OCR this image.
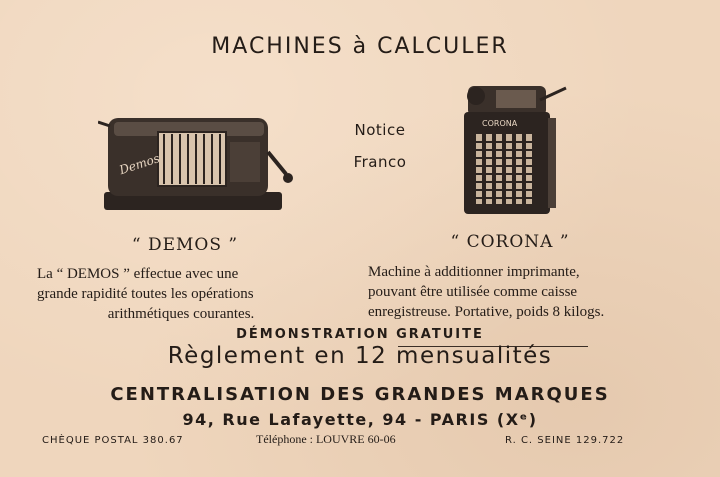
MACHINES à CALCULER
Demos
Notice
Franco
CORONA
“ DEMOS ”	“ CORONA ”
La “ DEMOS ” effectue avec une
grande rapidité toutes les opérations
arithmétiques courantes.
Machine à additionner imprimante,
pouvant être utilisée comme caisse
enregistreuse. Portative, poids 8 kilogs.
DÉMONSTRATION GRATUITE
Règlement en 12 mensualités
CENTRALISATION DES GRANDES MARQUES
94, Rue Lafayette, 94 - PARIS (Xᵉ)
CHÈQUE POSTAL 380.67	Téléphone : LOUVRE 60-06	R. C. SEINE 129.722
